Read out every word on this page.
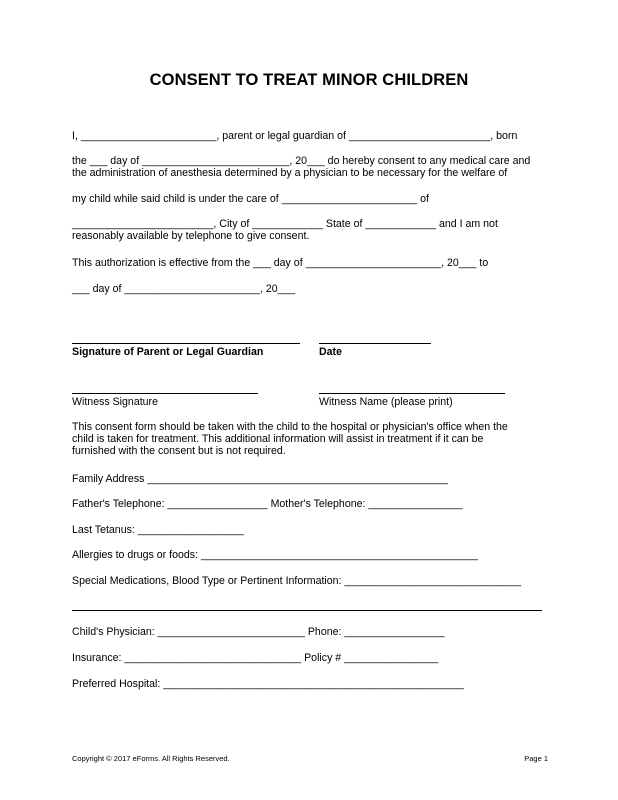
CONSENT TO TREAT MINOR CHILDREN
I, _______________________, parent or legal guardian of ________________________, born
the ___ day of _________________________, 20___ do hereby consent to any medical care and
the administration of anesthesia determined by a physician to be necessary for the welfare of
my child while said child is under the care of _______________________ of
________________________, City of ____________ State of ____________ and I am not
reasonably available by telephone to give consent.
This authorization is effective from the ___ day of _______________________, 20___ to
___ day of _______________________, 20___
Signature of Parent or Legal Guardian	Date
Witness Signature	Witness Name (please print)
This consent form should be taken with the child to the hospital or physician's office when the
child is taken for treatment. This additional information will assist in treatment if it can be
furnished with the consent but is not required.
Family Address ___________________________________________________
Father's Telephone: _________________ Mother's Telephone: ________________
Last Tetanus: __________________
Allergies to drugs or foods: _______________________________________________
Special Medications, Blood Type or Pertinent Information: ______________________________
Child's Physician: _________________________ Phone: _________________
Insurance: ______________________________ Policy # ________________
Preferred Hospital: ___________________________________________________
Copyright © 2017 eForms. All Rights Reserved.	Page 1
